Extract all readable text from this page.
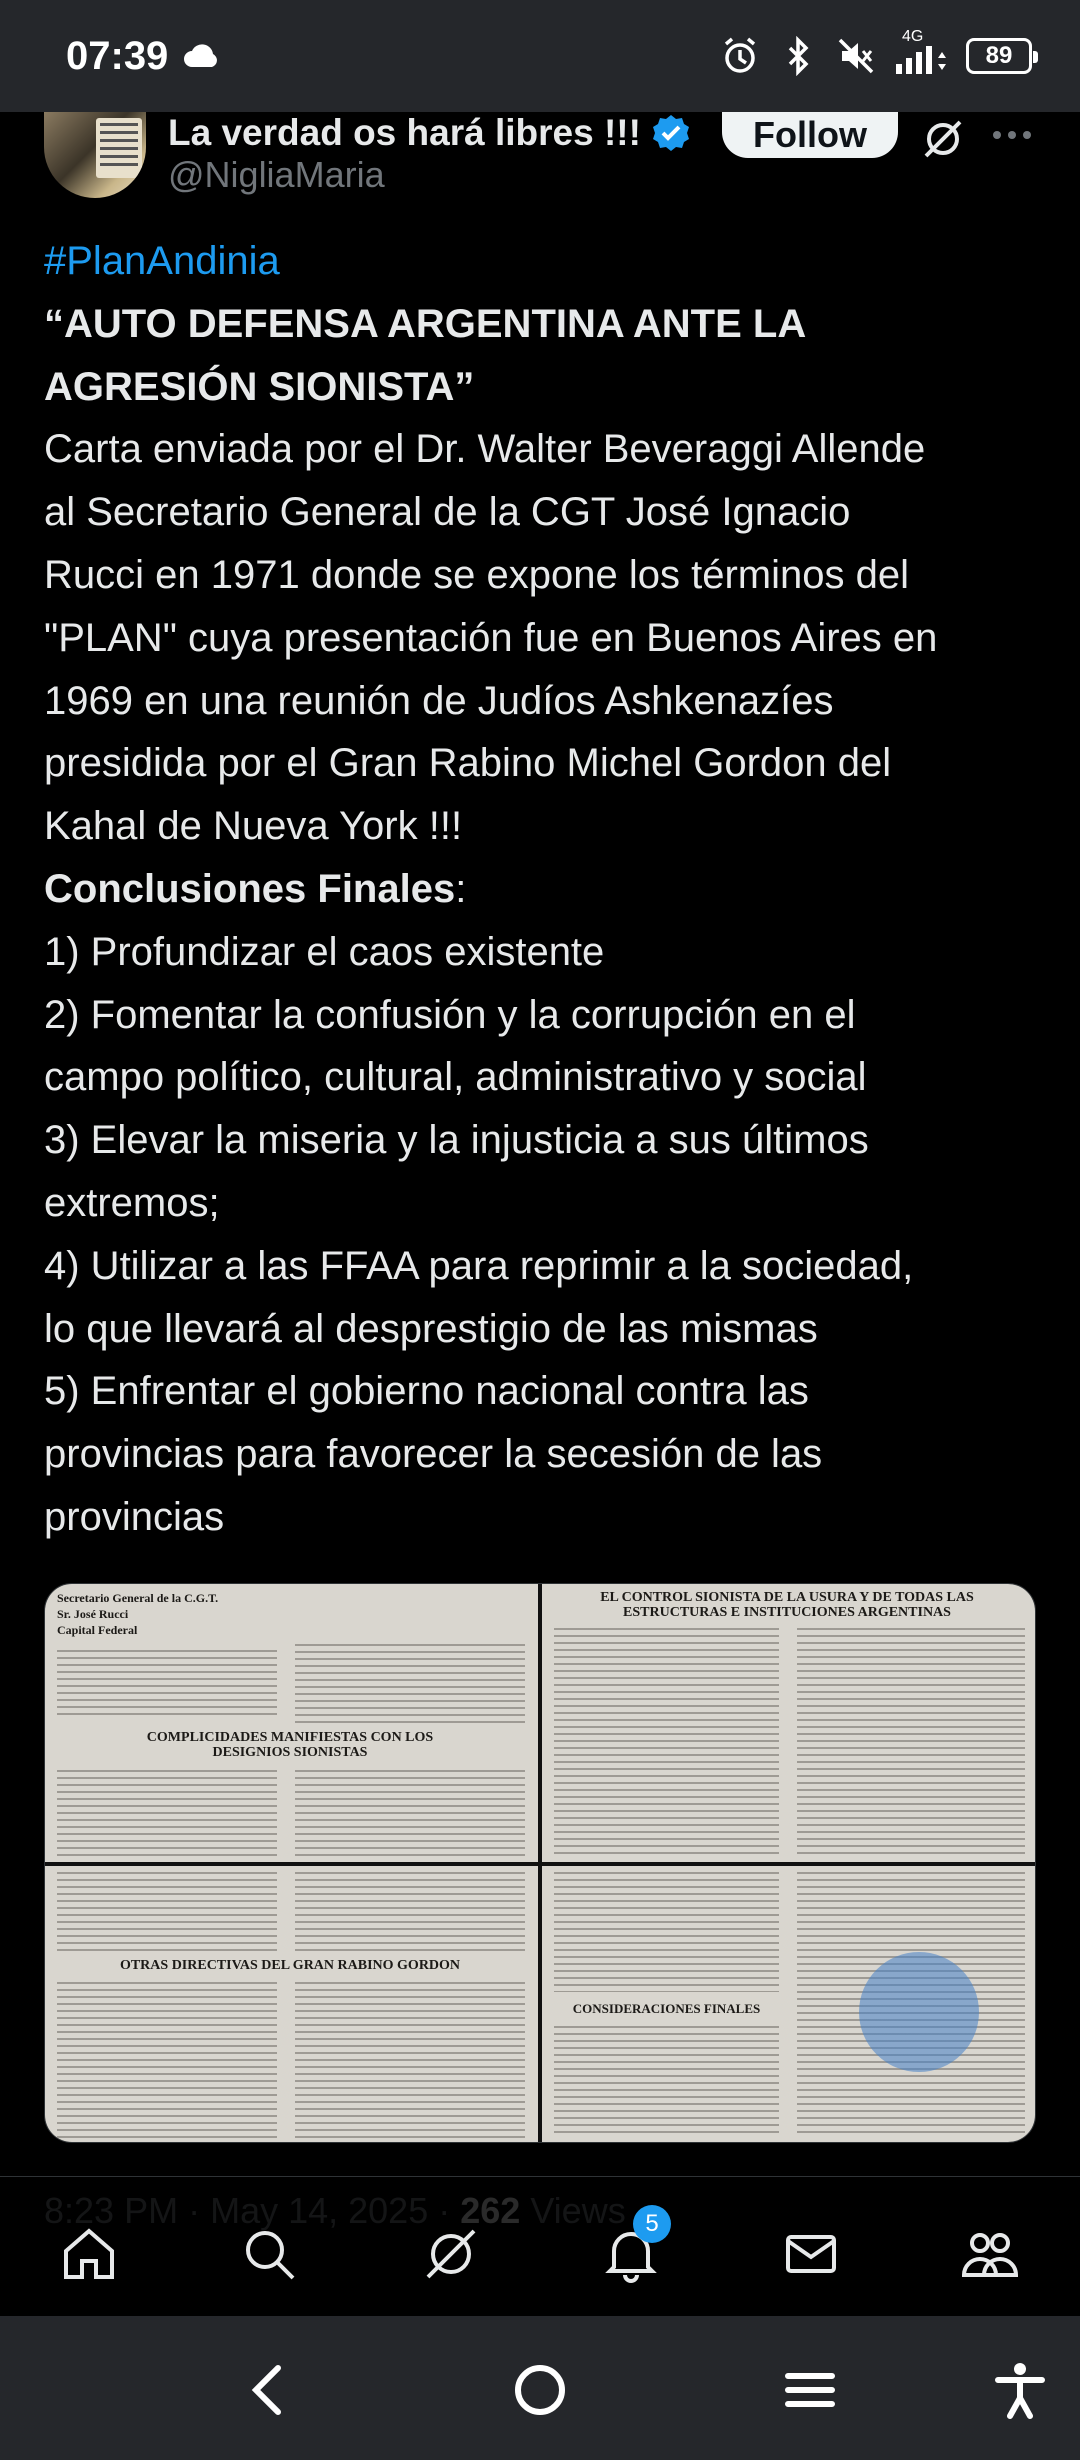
07:39	4G
89
La verdad os hará libres !!!
@NigliaMaria
Follow
#PlanAndinia
“AUTO DEFENSA ARGENTINA ANTE LA
AGRESIÓN SIONISTA”
Carta enviada por el Dr. Walter Beveraggi Allende
al Secretario General de la CGT José Ignacio
Rucci en 1971 donde se expone los términos del
"PLAN" cuya presentación fue en Buenos Aires en
1969 en una reunión de Judíos Ashkenazíes
presidida por el Gran Rabino Michel Gordon del
Kahal de Nueva York !!!
Conclusiones Finales:
1) Profundizar el caos existente
2) Fomentar la confusión y la corrupción en el
campo político, cultural, administrativo y social
3) Elevar la miseria y la injusticia a sus últimos
extremos;
4) Utilizar a las FFAA para reprimir a la sociedad,
lo que llevará al desprestigio de las mismas
5) Enfrentar el gobierno nacional contra las
provincias para favorecer la secesión de las
provincias
Secretario General de la C.G.T.
Sr. José Rucci
Capital Federal
COMPLICIDADES MANIFIESTAS CON LOS DESIGNIOS SIONISTAS
EL CONTROL SIONISTA DE LA USURA Y DE TODAS LAS ESTRUCTURAS E INSTITUCIONES ARGENTINAS
OTRAS DIRECTIVAS DEL GRAN RABINO GORDON
CONSIDERACIONES FINALES
5
